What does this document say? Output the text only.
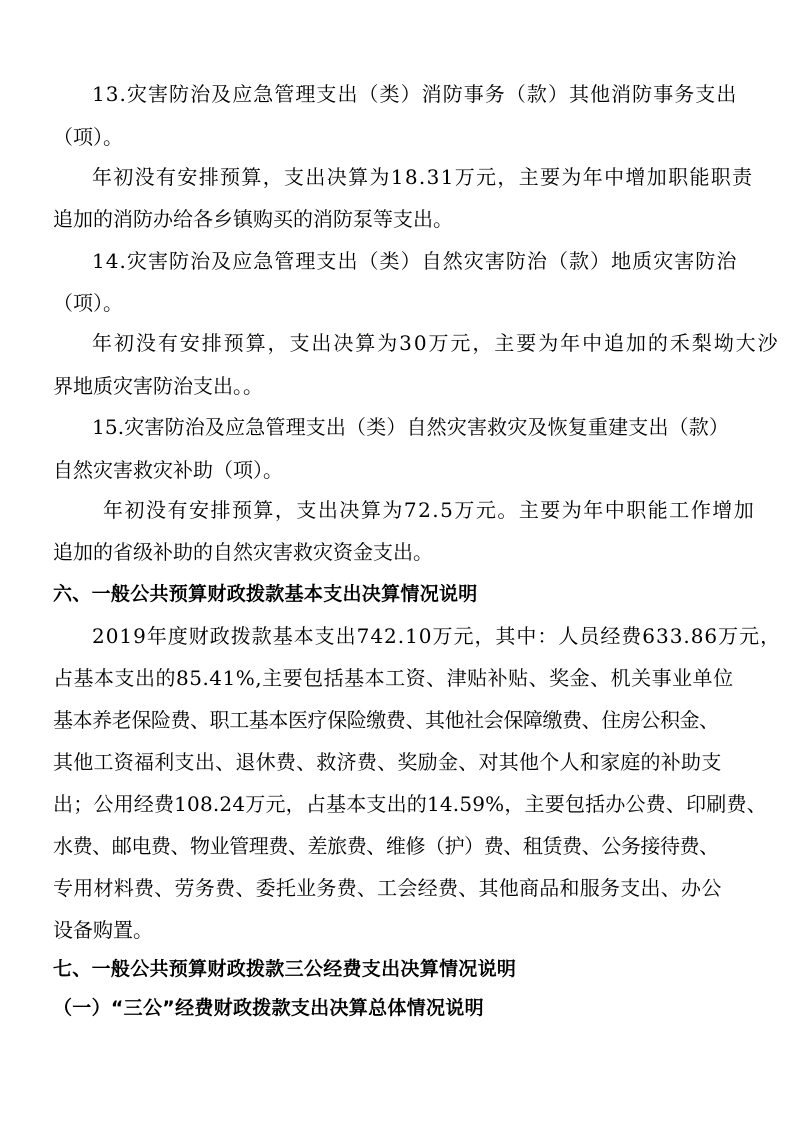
13.灾害防治及应急管理支出（类）消防事务（款）其他消防事务支出
（项）。
年初没有安排预算，支出决算为18.31万元，主要为年中增加职能职责
追加的消防办给各乡镇购买的消防泵等支出。
14.灾害防治及应急管理支出（类）自然灾害防治（款）地质灾害防治
（项）。
年初没有安排预算，支出决算为30万元，主要为年中追加的禾梨坳大沙
界地质灾害防治支出。。
15.灾害防治及应急管理支出（类）自然灾害救灾及恢复重建支出（款）
自然灾害救灾补助（项）。
年初没有安排预算，支出决算为72.5万元。主要为年中职能工作增加
追加的省级补助的自然灾害救灾资金支出。
六、一般公共预算财政拨款基本支出决算情况说明
2019年度财政拨款基本支出742.10万元，其中：人员经费633.86万元，
占基本支出的85.41%,主要包括基本工资、津贴补贴、奖金、机关事业单位
基本养老保险费、职工基本医疗保险缴费、其他社会保障缴费、住房公积金、
其他工资福利支出、退休费、救济费、奖励金、对其他个人和家庭的补助支
出；公用经费108.24万元，占基本支出的14.59%，主要包括办公费、印刷费、
水费、邮电费、物业管理费、差旅费、维修（护）费、租赁费、公务接待费、
专用材料费、劳务费、委托业务费、工会经费、其他商品和服务支出、办公
设备购置。
七、一般公共预算财政拨款三公经费支出决算情况说明
（一）“三公”经费财政拨款支出决算总体情况说明
